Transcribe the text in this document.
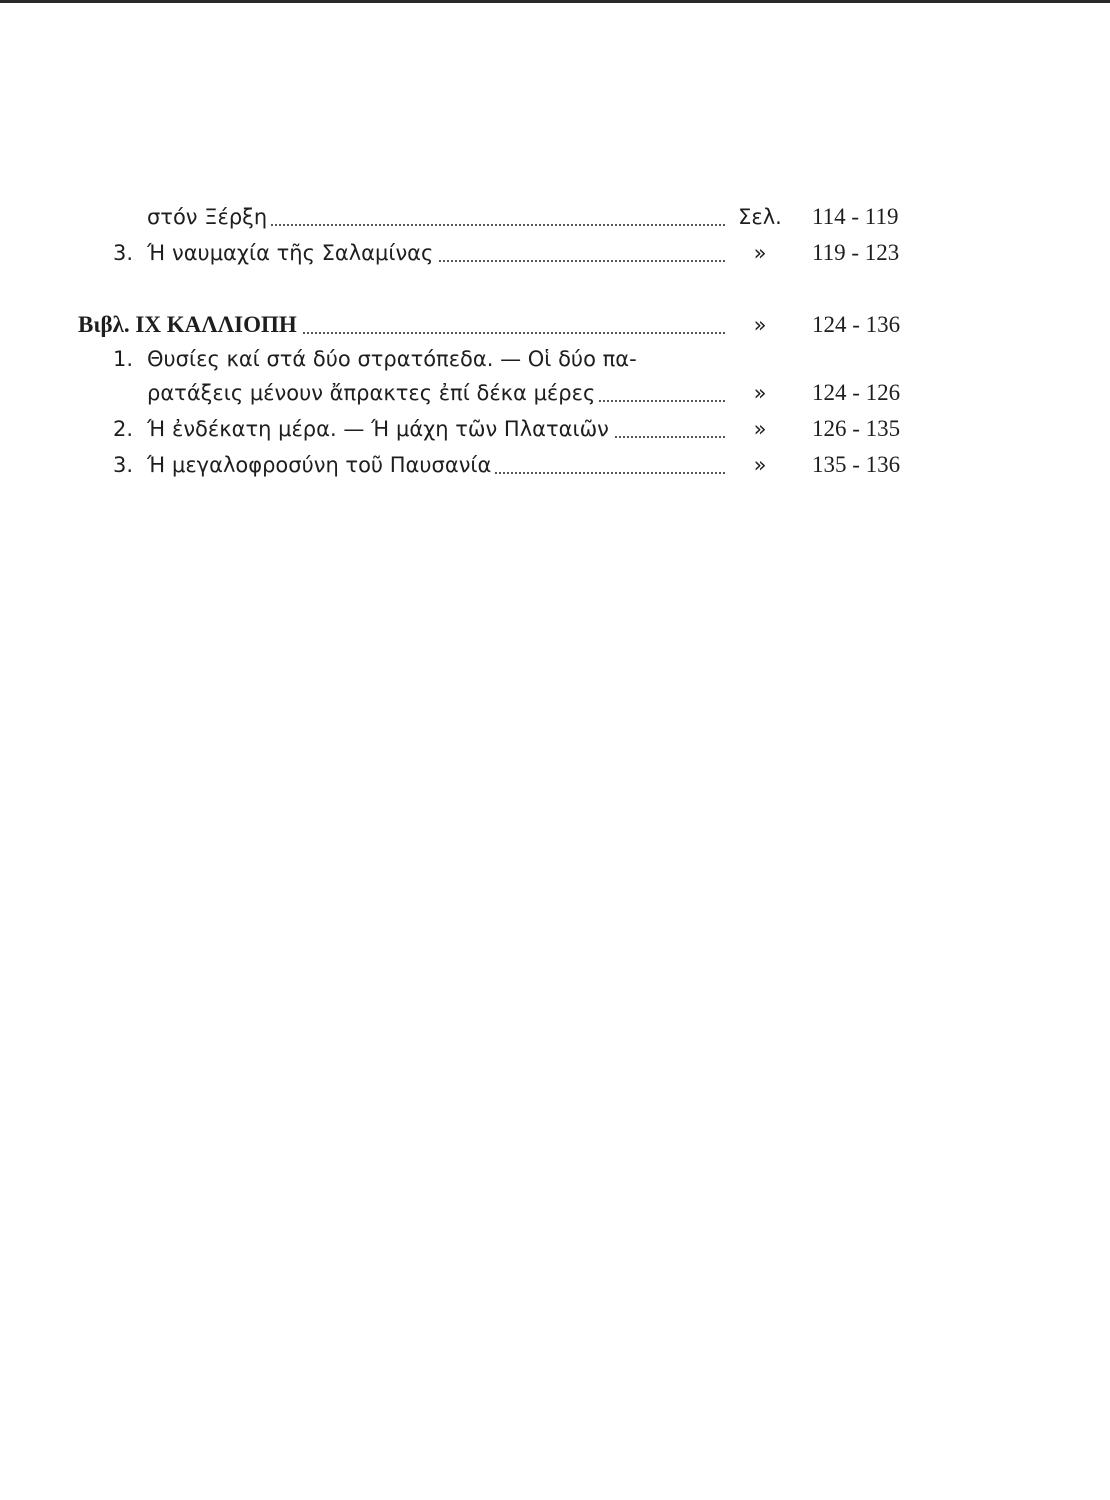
στόν Ξέρξη	Σελ.	114 - 119
3. Ή ναυμαχία τῆς Σαλαμίνας	»	119 - 123
Βιβλ. IX ΚΑΛΛΙΟΠΗ	»	124 - 136
1. Θυσίες καί στά δύο στρατόπεδα. — Οἱ δύο πα-
ρατάξεις μένουν ἄπρακτες ἐπί δέκα μέρες	»	124 - 126
2. Ή ἐνδέκατη μέρα. — Ή μάχη τῶν Πλαταιῶν	»	126 - 135
3. Ή μεγαλοφροσύνη τοῦ Παυσανία	»	135 - 136
